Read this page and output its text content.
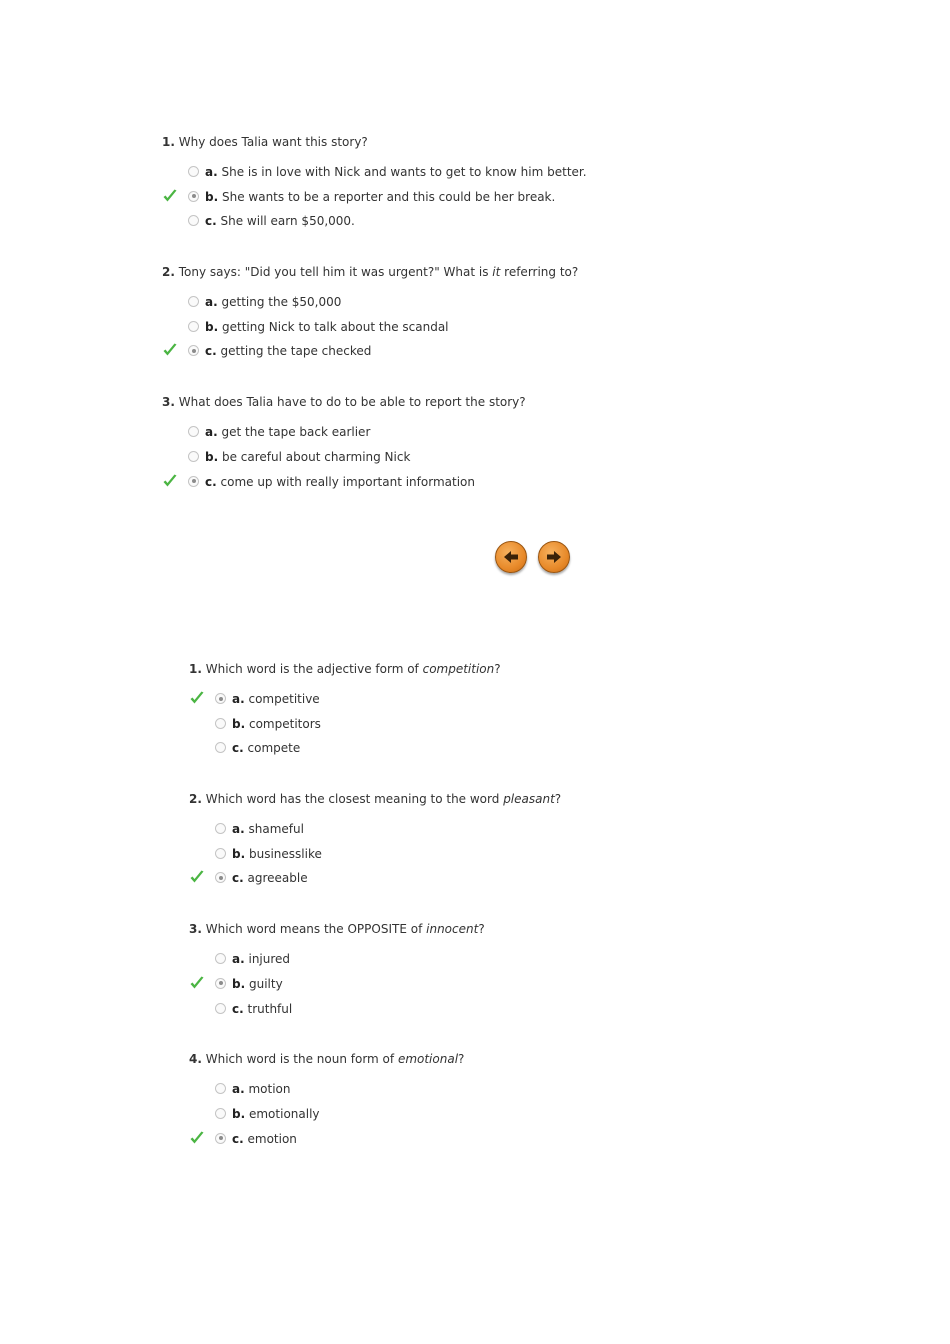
1. Why does Talia want this story?
a. She is in love with Nick and wants to get to know him better.
b. She wants to be a reporter and this could be her break.
c. She will earn $50,000.
2. Tony says: "Did you tell him it was urgent?" What is it referring to?
a. getting the $50,000
b. getting Nick to talk about the scandal
c. getting the tape checked
3. What does Talia have to do to be able to report the story?
a. get the tape back earlier
b. be careful about charming Nick
c. come up with really important information
1. Which word is the adjective form of competition?
a. competitive
b. competitors
c. compete
2. Which word has the closest meaning to the word pleasant?
a. shameful
b. businesslike
c. agreeable
3. Which word means the OPPOSITE of innocent?
a. injured
b. guilty
c. truthful
4. Which word is the noun form of emotional?
a. motion
b. emotionally
c. emotion
